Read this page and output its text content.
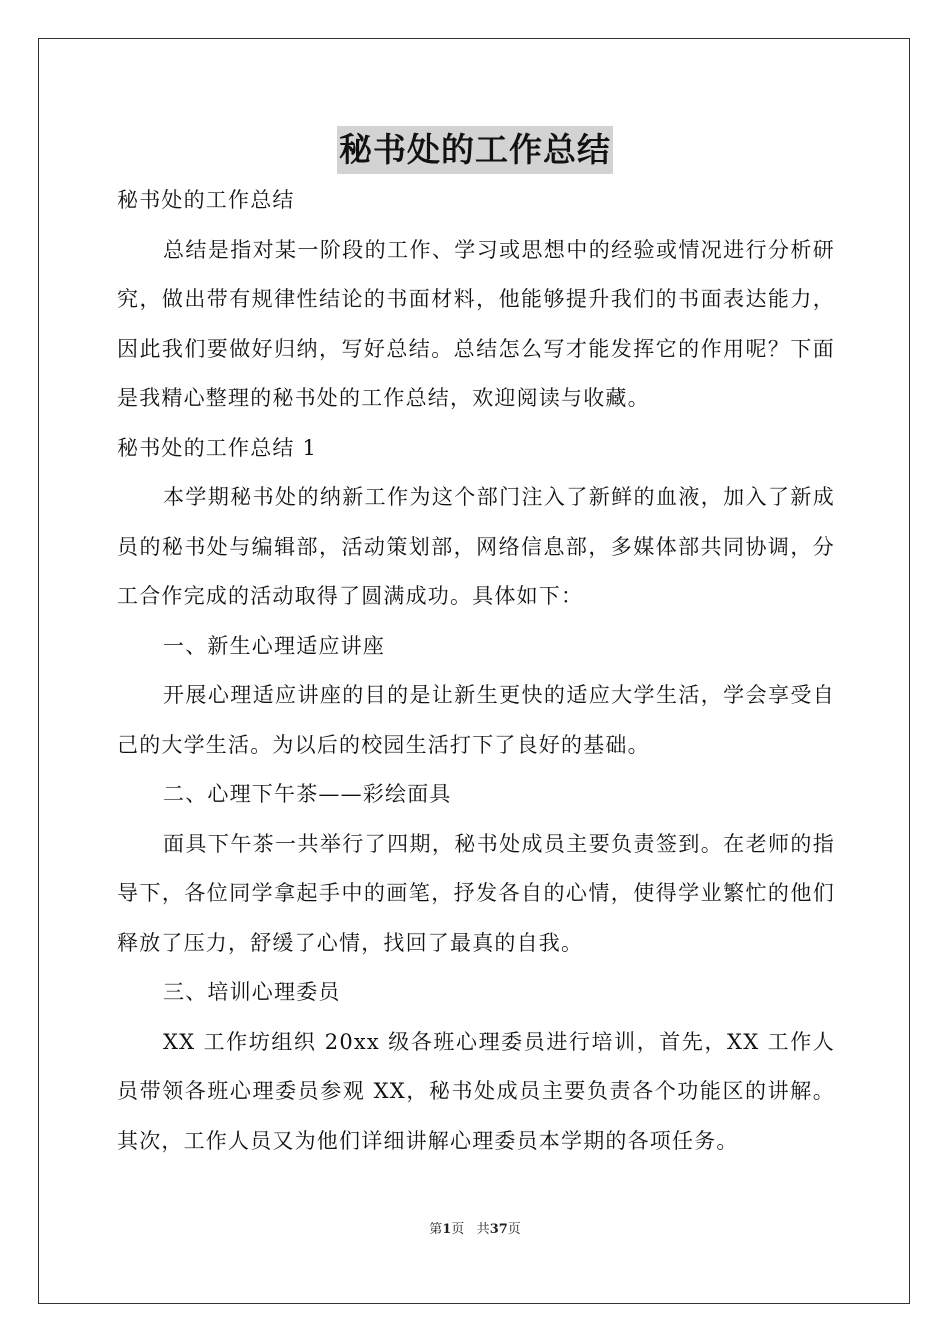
秘书处的工作总结

秘书处的工作总结

总结是指对某一阶段的工作、学习或思想中的经验或情况进行分析研究，做出带有规律性结论的书面材料，他能够提升我们的书面表达能力，因此我们要做好归纳，写好总结。总结怎么写才能发挥它的作用呢？下面是我精心整理的秘书处的工作总结，欢迎阅读与收藏。

秘书处的工作总结 1

本学期秘书处的纳新工作为这个部门注入了新鲜的血液，加入了新成员的秘书处与编辑部，活动策划部，网络信息部，多媒体部共同协调，分工合作完成的活动取得了圆满成功。具体如下：

一、新生心理适应讲座

开展心理适应讲座的目的是让新生更快的适应大学生活，学会享受自己的大学生活。为以后的校园生活打下了良好的基础。

二、心理下午茶——彩绘面具

面具下午茶一共举行了四期，秘书处成员主要负责签到。在老师的指导下，各位同学拿起手中的画笔，抒发各自的心情，使得学业繁忙的他们释放了压力，舒缓了心情，找回了最真的自我。

三、培训心理委员

XX 工作坊组织 20xx 级各班心理委员进行培训，首先，XX 工作人员带领各班心理委员参观 XX，秘书处成员主要负责各个功能区的讲解。其次，工作人员又为他们详细讲解心理委员本学期的各项任务。

第1页 共37页
